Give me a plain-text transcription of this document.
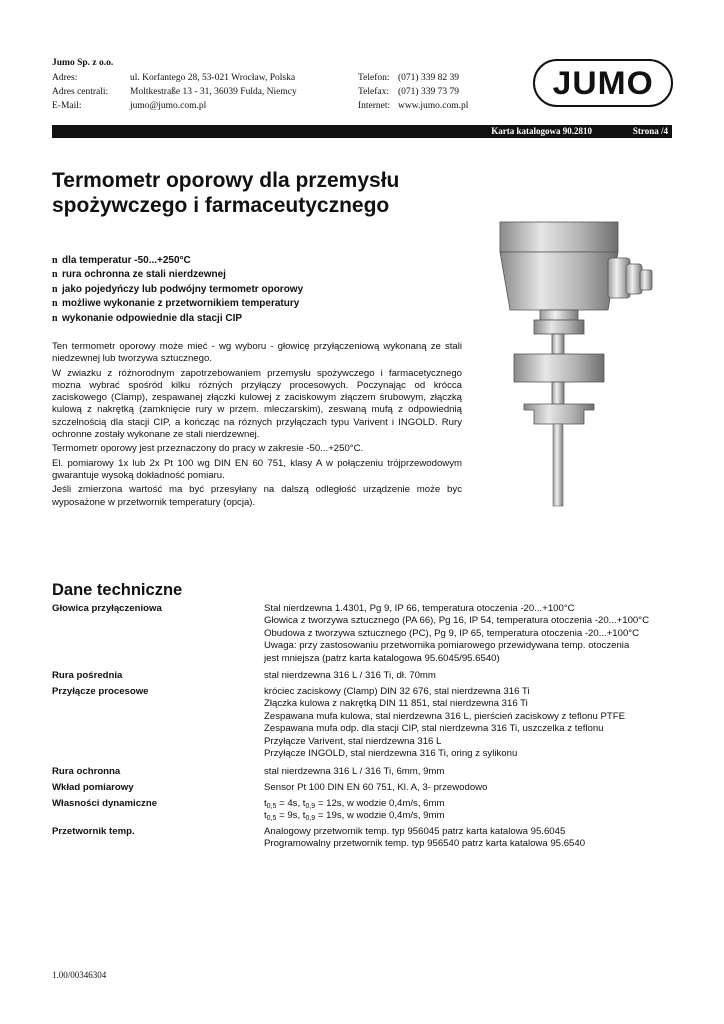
Jumo Sp. z o.o.
Adres:	ul. Korfantego 28, 53-021 Wrocław, Polska
Adres centrali: Moltkestraße 13 - 31, 36039 Fulda, Niemcy
E-Mail:	jumo@jumo.com.pl
Telefon: (071) 339 82 39
Telefax: (071) 339 73 79
Internet: www.jumo.com.pl
JUMO
Karta katalogowa 90.2810	Strona /4
Termometr oporowy dla przemysłu
spożywczego i farmaceutycznego
n dla temperatur -50...+250°C
n rura ochronna ze stali nierdzewnej
n jako pojedyńczy lub podwójny termometr oporowy
n możliwe wykonanie z przetwornikiem temperatury
n wykonanie odpowiednie dla stacji CIP

Ten termometr oporowy może mieć - wg wyboru - głowicę przyłączeniową wykonaną ze stali niedzewnej lub tworzywa sztucznego.

W zwiazku z różnorodnym zapotrzebowaniem przemysłu spożywczego i farmacetycznego mozna wybrać spośród kilku rózných przyłączy procesowych. Poczynając od krócca zaciskowego (Clamp), zespawanej złączki kulowej z zaciskowym złączem śrubowym, złączką kulową z nakrętką (zamknięcie rury w przem. mleczarskim), zeswaną mufą z odpowiednią szczelnością dla stacji CIP, a kończąc na róznych przyłączach typu Varivent i INGOLD. Rury ochronne zostały wykonane ze stali nierdzewnej.

Termometr oporowy jest przeznaczony do pracy w zakresie -50...+250°C.

El. pomiarowy 1x lub 2x Pt 100 wg DIN EN 60 751, klasy A w połączeniu trójprzewodowym gwarantuje wysoką dokładność pomiaru.

Jeśli zmierzona wartość ma być przesyłany na dalszą odległość urządzenie może byc wyposażone w przetwornik temperatury (opcja).

Dane techniczne
Głowica przyłączeniowa	Stal nierdzewna 1.4301, Pg 9, IP 66, temperatura otoczenia -20...+100°C
Głowica z tworzywa sztucznego (PA 66), Pg 16, IP 54, temperatura otoczenia -20...+100°C
Obudowa z tworzywa sztucznego (PC), Pg 9, IP 65, temperatura otoczenia -20...+100°C
Uwaga: przy zastosowaniu przetwornika pomiarowego przewidywana temp. otoczenia
jest mniejsza (patrz karta katalogowa 95.6045/95.6540)
Rura pośrednia	stal nierdzewna 316 L / 316 Ti, dł. 70mm
Przyłącze procesowe	króciec zaciskowy (Clamp) DIN 32 676, stal nierdzewna 316 Ti
Złączka kulowa z nakrętką DIN 11 851, stal nierdzewna 316 Ti
Zespawana mufa kulowa, stal nierdzewna 316 L, pierścień zaciskowy z teflonu PTFE
Zespawana mufa odp. dla stacji CIP, stal nierdzewna 316 Ti, uszczelka z teflonu
Przyłącze Varivent, stal nierdzewna 316 L
Przyłącze INGOLD, stal nierdzewna 316 Ti, oring z sylikonu
Rura ochronna	stal nierdzewna 316 L / 316 Ti, 6mm, 9mm
Wkład pomiarowy	Sensor Pt 100 DIN EN 60 751, Kl. A, 3- przewodowo
Własności dynamiczne	$t_{0,5} = 4s$, $t_{0,9} = 12s$, w wodzie 0,4m/s, 6mm
$t_{0,5} = 9s$, $t_{0,9} = 19s$, w wodzie 0,4m/s, 9mm
Przetwornik temp.	Analogowy przetwornik temp. typ 956045 patrz karta katalowa 95.6045
Programowalny przetwornik temp. typ 956540 patrz karta katalowa 95.6540
1.00/00346304
